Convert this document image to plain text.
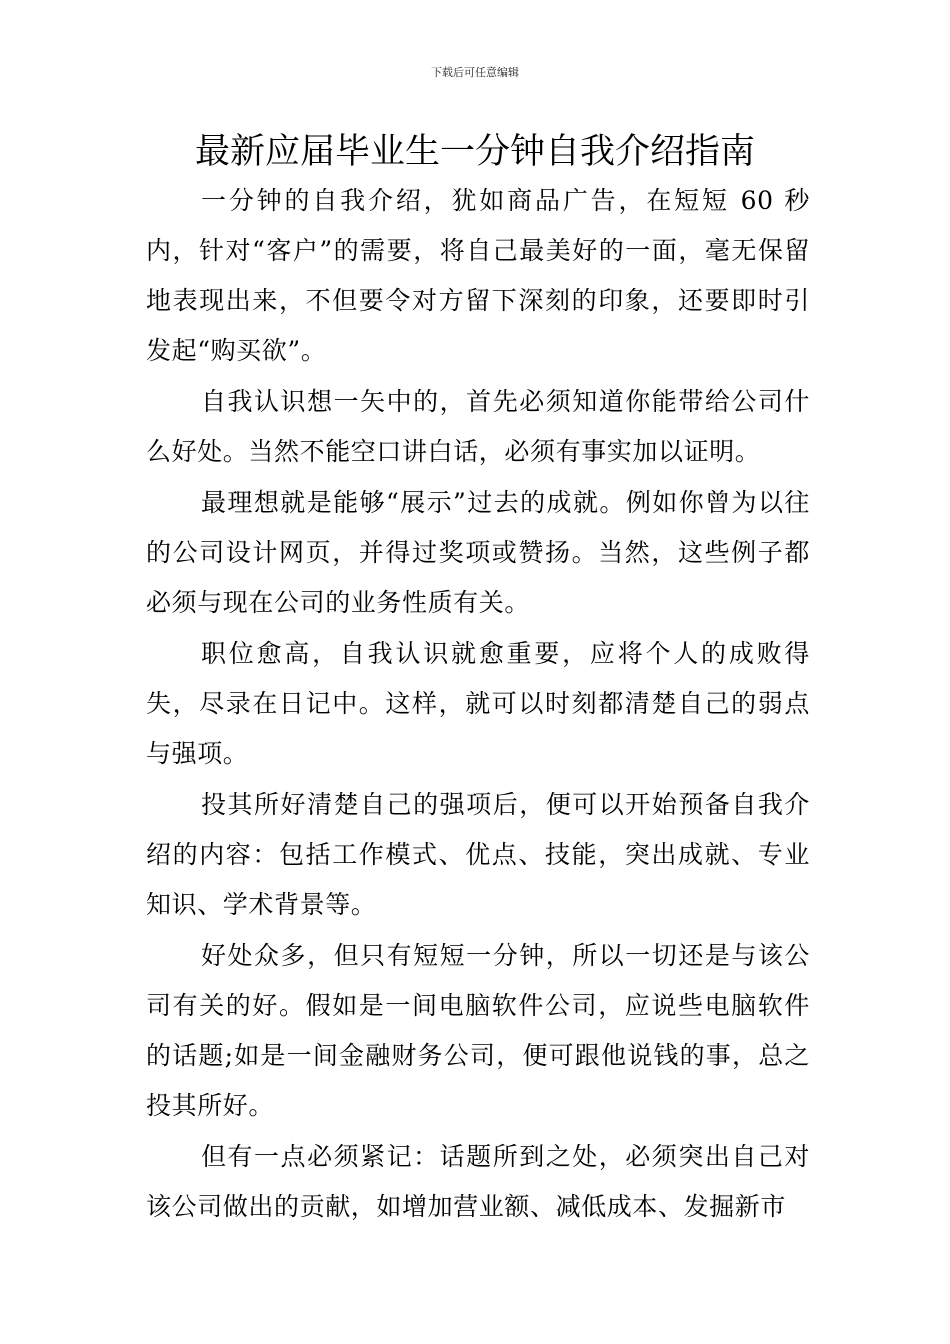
下载后可任意编辑
最新应届毕业生一分钟自我介绍指南

一分钟的自我介绍，犹如商品广告，在短短 60 秒内，针对“客户”的需要，将自己最美好的一面，毫无保留地表现出来，不但要令对方留下深刻的印象，还要即时引发起“购买欲”。

自我认识想一矢中的，首先必须知道你能带给公司什么好处。当然不能空口讲白话，必须有事实加以证明。

最理想就是能够“展示”过去的成就。例如你曾为以往的公司设计网页，并得过奖项或赞扬。当然，这些例子都必须与现在公司的业务性质有关。

职位愈高，自我认识就愈重要，应将个人的成败得失，尽录在日记中。这样，就可以时刻都清楚自己的弱点与强项。

投其所好清楚自己的强项后，便可以开始预备自我介绍的内容：包括工作模式、优点、技能，突出成就、专业知识、学术背景等。

好处众多，但只有短短一分钟，所以一切还是与该公司有关的好。假如是一间电脑软件公司，应说些电脑软件的话题;如是一间金融财务公司，便可跟他说钱的事，总之投其所好。

但有一点必须紧记：话题所到之处，必须突出自己对该公司做出的贡献，如增加营业额、减低成本、发掘新市
